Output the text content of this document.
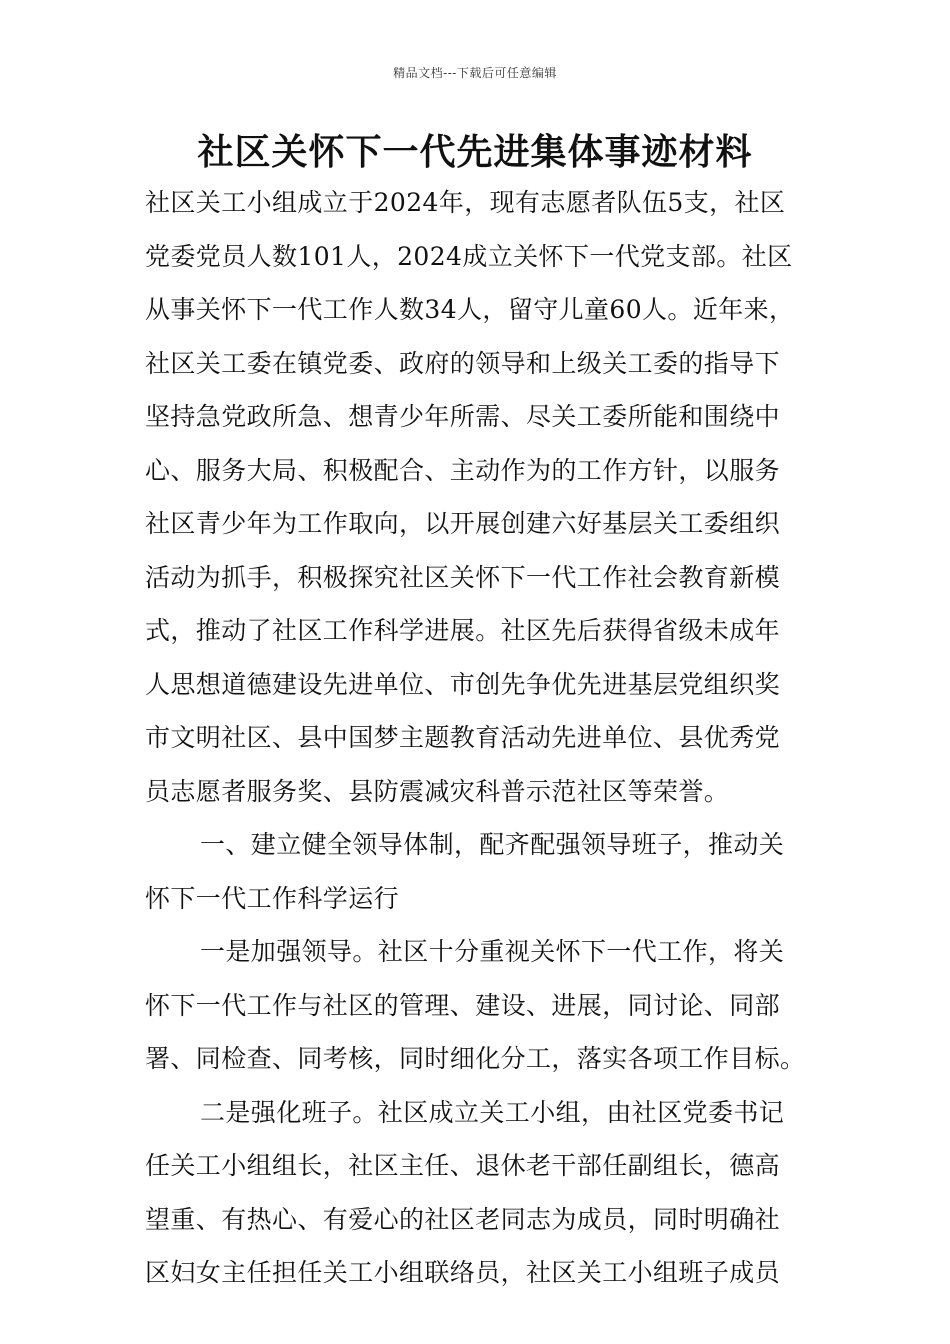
精品文档---下载后可任意编辑
社区关怀下一代先进集体事迹材料
社区关工小组成立于2024年，现有志愿者队伍5支，社区
党委党员人数101人，2024成立关怀下一代党支部。社区
从事关怀下一代工作人数34人，留守儿童60人。近年来，
社区关工委在镇党委、政府的领导和上级关工委的指导下
坚持急党政所急、想青少年所需、尽关工委所能和围绕中
心、服务大局、积极配合、主动作为的工作方针，以服务
社区青少年为工作取向，以开展创建六好基层关工委组织
活动为抓手，积极探究社区关怀下一代工作社会教育新模
式，推动了社区工作科学进展。社区先后获得省级未成年
人思想道德建设先进单位、市创先争优先进基层党组织奖
市文明社区、县中国梦主题教育活动先进单位、县优秀党
员志愿者服务奖、县防震减灾科普示范社区等荣誉。
一、建立健全领导体制，配齐配强领导班子，推动关
怀下一代工作科学运行
一是加强领导。社区十分重视关怀下一代工作，将关
怀下一代工作与社区的管理、建设、进展，同讨论、同部
署、同检查、同考核，同时细化分工，落实各项工作目标。
二是强化班子。社区成立关工小组，由社区党委书记
任关工小组组长，社区主任、退休老干部任副组长，德高
望重、有热心、有爱心的社区老同志为成员，同时明确社
区妇女主任担任关工小组联络员，社区关工小组班子成员
